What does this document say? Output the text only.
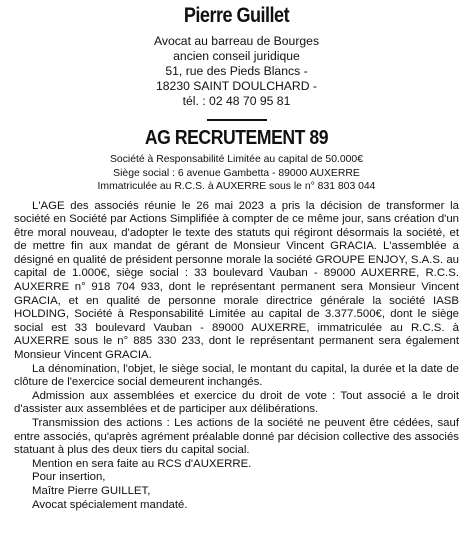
Pierre Guillet

Avocat au barreau de Bourges

ancien conseil juridique

51, rue des Pieds Blancs -

18230 SAINT DOULCHARD -

tél. : 02 48 70 95 81

AG RECRUTEMENT 89

Société à Responsabilité Limitée au capital de 50.000€

Siège social : 6 avenue Gambetta - 89000 AUXERRE

Immatriculée au R.C.S. à AUXERRE sous le n° 831 803 044

L'AGE des associés réunie le 26 mai 2023 a pris la décision de transformer la société en Société par Actions Simplifiée à compter de ce même jour, sans création d'un être moral nouveau, d'adopter le texte des statuts qui régiront désormais la société, et de mettre fin aux mandat de gérant de Monsieur Vincent GRACIA. L'assemblée a désigné en qualité de président personne morale la société GROUPE ENJOY, S.A.S. au capital de 1.000€, siège social : 33 boulevard Vauban - 89000 AUXERRE, R.C.S. AUXERRE n° 918 704 933, dont le représentant permanent sera Monsieur Vincent GRACIA, et en qualité de personne morale directrice générale la société IASB HOLDING, Société à Responsabilité Limitée au capital de 3.377.500€, dont le siège social est 33 boulevard Vauban - 89000 AUXERRE, immatriculée au R.C.S. à AUXERRE sous le n° 885 330 233, dont le représentant permanent sera également Monsieur Vincent GRACIA.

La dénomination, l'objet, le siège social, le montant du capital, la durée et la date de clôture de l'exercice social demeurent inchangés.

Admission aux assemblées et exercice du droit de vote : Tout associé a le droit d'assister aux assemblées et de participer aux délibérations.

Transmission des actions : Les actions de la société ne peuvent être cédées, sauf entre associés, qu'après agrément préalable donné par décision collective des associés statuant à plus des deux tiers du capital social.

Mention en sera faite au RCS d'AUXERRE.

Pour insertion,

Maître Pierre GUILLET,

Avocat spécialement mandaté.
